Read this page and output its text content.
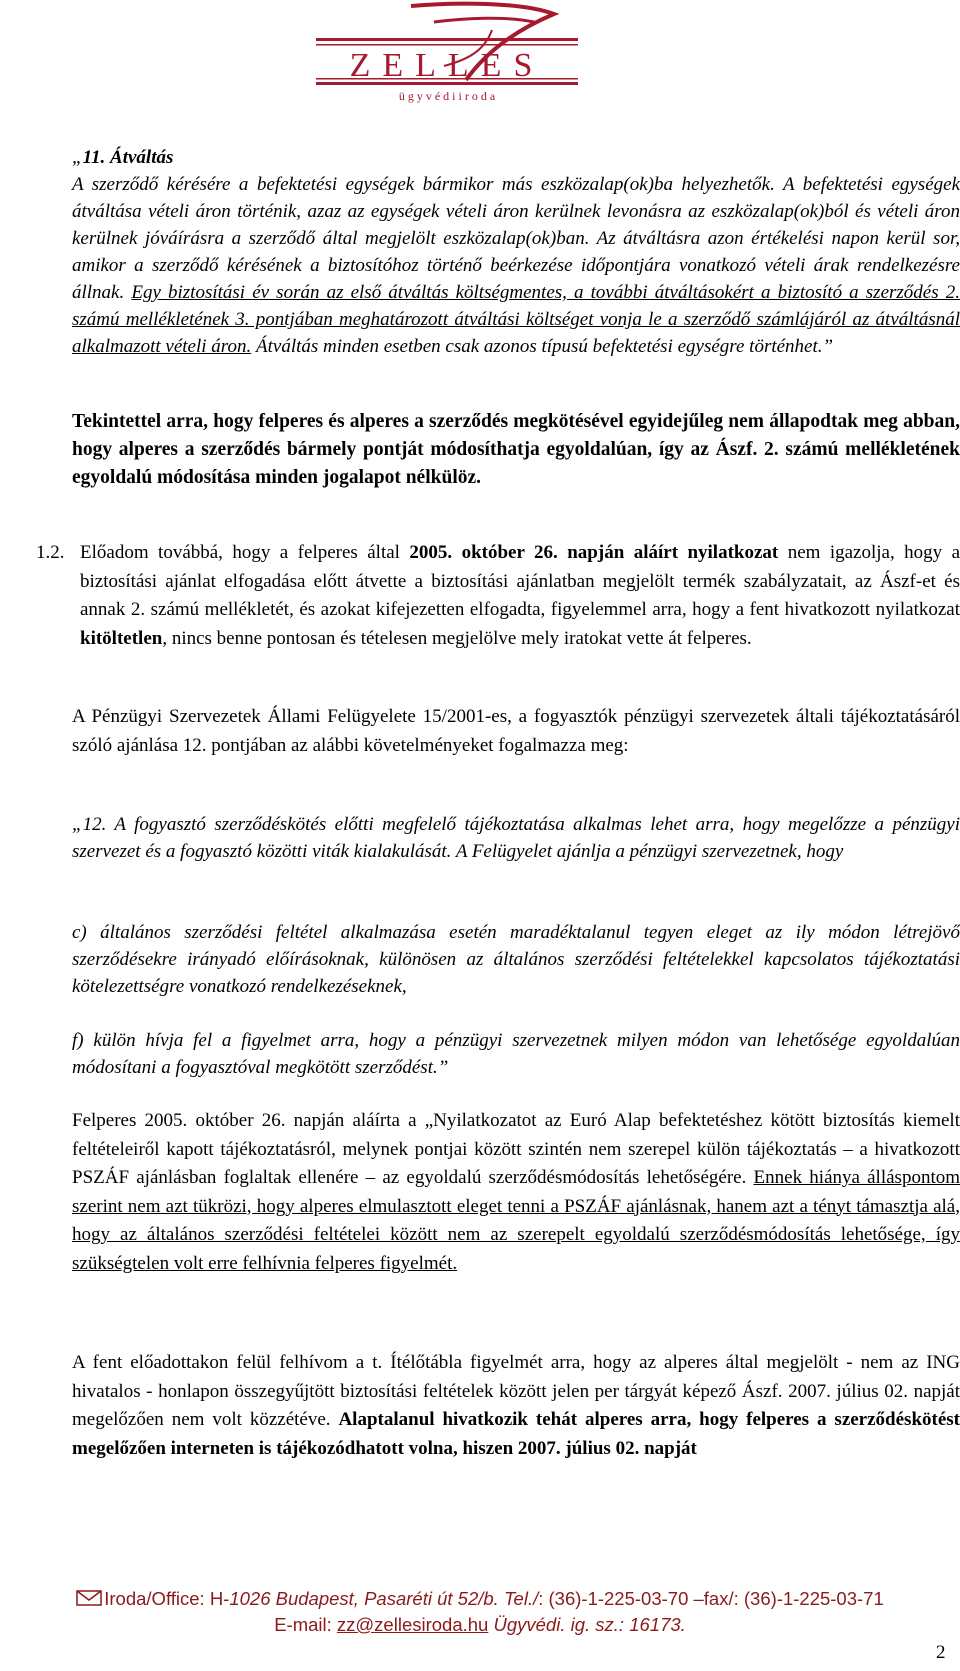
ZELLES
ü g y v é d i i r o d a
„11. Átváltás

A szerződő kérésére a befektetési egységek bármikor más eszközalap(ok)ba helyezhetők. A befektetési egységek átváltása vételi áron történik, azaz az egységek vételi áron kerülnek levonásra az eszközalap(ok)ból és vételi áron kerülnek jóváírásra a szerződő által megjelölt eszközalap(ok)ban. Az átváltásra azon értékelési napon kerül sor, amikor a szerződő kérésének a biztosítóhoz történő beérkezése időpontjára vonatkozó vételi árak rendelkezésre állnak. Egy biztosítási év során az első átváltás költségmentes, a további átváltásokért a biztosító a szerződés 2. számú mellékletének 3. pontjában meghatározott átváltási költséget vonja le a szerződő számlájáról az átváltásnál alkalmazott vételi áron. Átváltás minden esetben csak azonos típusú befektetési egységre történhet.”

Tekintettel arra, hogy felperes és alperes a szerződés megkötésével egyidejűleg nem állapodtak meg abban, hogy alperes a szerződés bármely pontját módosíthatja egyoldalúan, így az Ászf. 2. számú mellékletének egyoldalú módosítása minden jogalapot nélkülöz.

1.2. Előadom továbbá, hogy a felperes által 2005. október 26. napján aláírt nyilatkozat nem igazolja, hogy a biztosítási ajánlat elfogadása előtt átvette a biztosítási ajánlatban megjelölt termék szabályzatait, az Ászf-et és annak 2. számú mellékletét, és azokat kifejezetten elfogadta, figyelemmel arra, hogy a fent hivatkozott nyilatkozat kitöltetlen, nincs benne pontosan és tételesen megjelölve mely iratokat vette át felperes.

A Pénzügyi Szervezetek Állami Felügyelete 15/2001-es, a fogyasztók pénzügyi szervezetek általi tájékoztatásáról szóló ajánlása 12. pontjában az alábbi követelményeket fogalmazza meg:

„12. A fogyasztó szerződéskötés előtti megfelelő tájékoztatása alkalmas lehet arra, hogy megelőzze a pénzügyi szervezet és a fogyasztó közötti viták kialakulását. A Felügyelet ajánlja a pénzügyi szervezetnek, hogy

c) általános szerződési feltétel alkalmazása esetén maradéktalanul tegyen eleget az ily módon létrejövő szerződésekre irányadó előírásoknak, különösen az általános szerződési feltételekkel kapcsolatos tájékoztatási kötelezettségre vonatkozó rendelkezéseknek,

f) külön hívja fel a figyelmet arra, hogy a pénzügyi szervezetnek milyen módon van lehetősége egyoldalúan módosítani a fogyasztóval megkötött szerződést.”

Felperes 2005. október 26. napján aláírta a „Nyilatkozatot az Euró Alap befektetéshez kötött biztosítás kiemelt feltételeiről kapott tájékoztatásról, melynek pontjai között szintén nem szerepel külön tájékoztatás – a hivatkozott PSZÁF ajánlásban foglaltak ellenére – az egyoldalú szerződésmódosítás lehetőségére. Ennek hiánya álláspontom szerint nem azt tükrözi, hogy alperes elmulasztott eleget tenni a PSZÁF ajánlásnak, hanem azt a tényt támasztja alá, hogy az általános szerződési feltételei között nem az szerepelt egyoldalú szerződésmódosítás lehetősége, így szükségtelen volt erre felhívnia felperes figyelmét.

A fent előadottakon felül felhívom a t. Ítélőtábla figyelmét arra, hogy az alperes által megjelölt - nem az ING hivatalos - honlapon összegyűjtött biztosítási feltételek között jelen per tárgyát képező Ászf. 2007. július 02. napját megelőzően nem volt közzétéve. Alaptalanul hivatkozik tehát alperes arra, hogy felperes a szerződéskötést megelőzően interneten is tájékozódhatott volna, hiszen 2007. július 02. napját

Iroda/Office: H-1026 Budapest, Pasaréti út 52/b. Tel./: (36)-1-225-03-70 –fax/: (36)-1-225-03-71
E-mail: zz@zellesiroda.hu Ügyvédi. ig. sz.: 16173.
2
